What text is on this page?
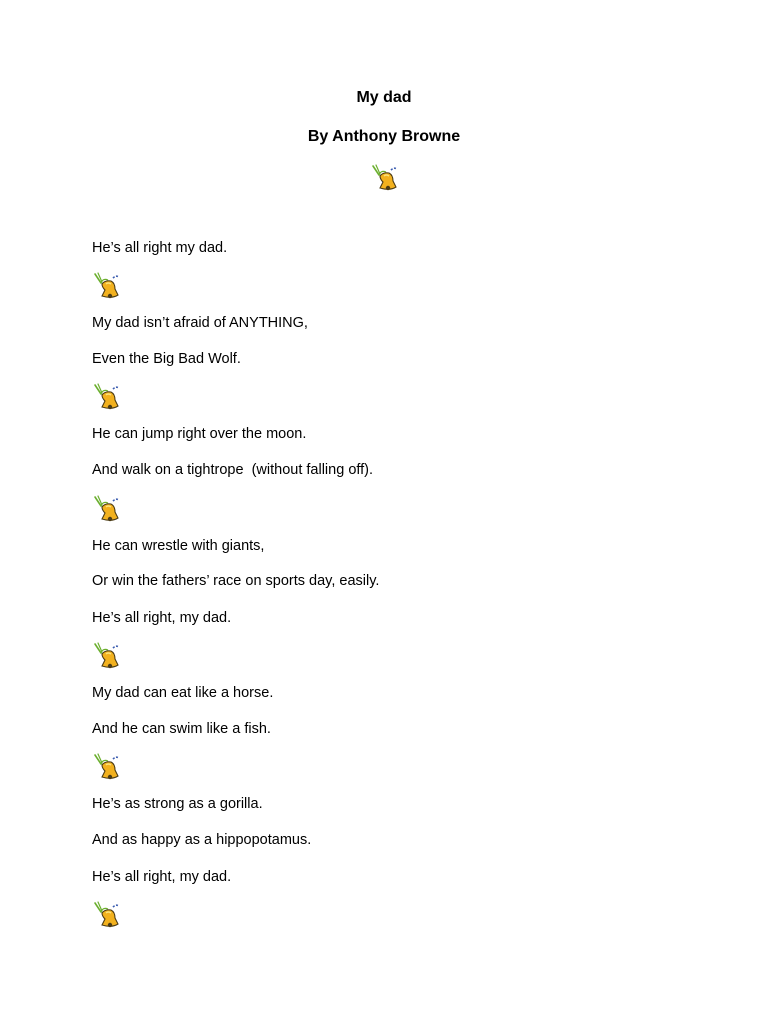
My dad
By Anthony Browne
He’s all right my dad.
My dad isn’t afraid of ANYTHING,
Even the Big Bad Wolf.
He can jump right over the moon.
And walk on a tightrope  (without falling off).
He can wrestle with giants,
Or win the fathers’ race on sports day, easily.
He’s all right, my dad.
My dad can eat like a horse.
And he can swim like a fish.
He’s as strong as a gorilla.
And as happy as a hippopotamus.
He’s all right, my dad.
